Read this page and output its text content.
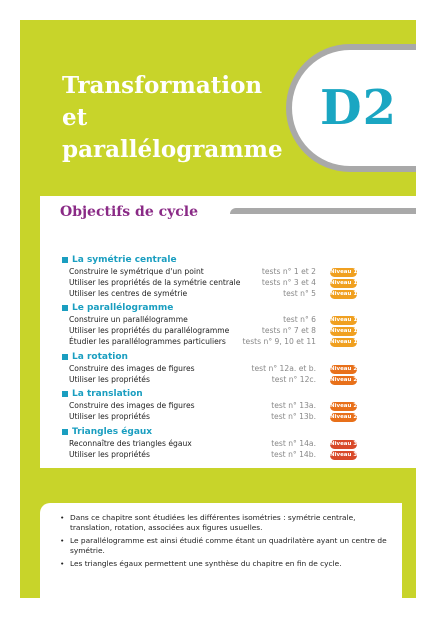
Transformation
et
parallélogramme
D2
Objectifs de cycle
La symétrie centrale
Construire le symétrique d'un point	tests n° 1 et 2	Niveau 1
Utiliser les propriétés de la symétrie centrale	tests n° 3 et 4	Niveau 1
Utiliser les centres de symétrie	test n° 5	Niveau 1
Le parallélogramme
Construire un parallélogramme	test n° 6	Niveau 1
Utiliser les propriétés du parallélogramme	tests n° 7 et 8	Niveau 1
Étudier les parallélogrammes particuliers tests n° 9, 10 et 11	Niveau 1
La rotation
Construire des images de figures	test n° 12a. et b.	Niveau 2
Utiliser les propriétés	test n° 12c.	Niveau 2
La translation
Construire des images de figures	test n° 13a.	Niveau 2
Utiliser les propriétés	test n° 13b.	Niveau 2
Triangles égaux
Reconnaître des triangles égaux	test n° 14a.	Niveau 3
Utiliser les propriétés	test n° 14b.	Niveau 3
• Dans ce chapitre sont étudiées les différentes isométries : symétrie centrale, translation, rotation, associées aux figures usuelles.
• Le parallélogramme est ainsi étudié comme étant un quadrilatère ayant un centre de symétrie.
• Les triangles égaux permettent une synthèse du chapitre en fin de cycle.
